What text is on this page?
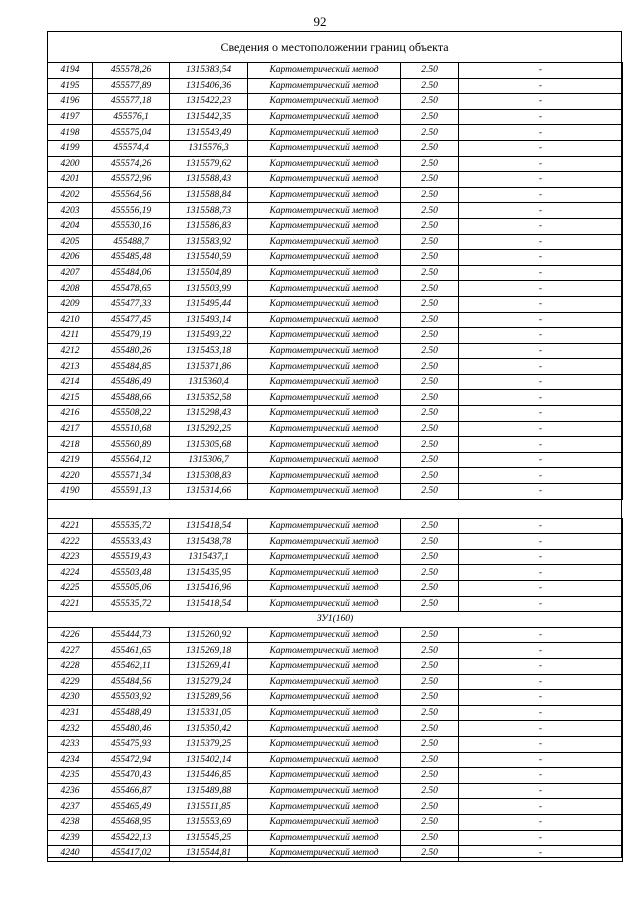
92
Сведения о местоположении границ объекта
4194	455578,26	1315383,54	Картометрический метод	2.50	-
4195	455577,89	1315406,36	Картометрический метод	2.50	-
4196	455577,18	1315422,23	Картометрический метод	2.50	-
4197	455576,1	1315442,35	Картометрический метод	2.50	-
4198	455575,04	1315543,49	Картометрический метод	2.50	-
4199	455574,4	1315576,3	Картометрический метод	2.50	-
4200	455574,26	1315579,62	Картометрический метод	2.50	-
4201	455572,96	1315588,43	Картометрический метод	2.50	-
4202	455564,56	1315588,84	Картометрический метод	2.50	-
4203	455556,19	1315588,73	Картометрический метод	2.50	-
4204	455530,16	1315586,83	Картометрический метод	2.50	-
4205	455488,7	1315583,92	Картометрический метод	2.50	-
4206	455485,48	1315540,59	Картометрический метод	2.50	-
4207	455484,06	1315504,89	Картометрический метод	2.50	-
4208	455478,65	1315503,99	Картометрический метод	2.50	-
4209	455477,33	1315495,44	Картометрический метод	2.50	-
4210	455477,45	1315493,14	Картометрический метод	2.50	-
4211	455479,19	1315493,22	Картометрический метод	2.50	-
4212	455480,26	1315453,18	Картометрический метод	2.50	-
4213	455484,85	1315371,86	Картометрический метод	2.50	-
4214	455486,49	1315360,4	Картометрический метод	2.50	-
4215	455488,66	1315352,58	Картометрический метод	2.50	-
4216	455508,22	1315298,43	Картометрический метод	2.50	-
4217	455510,68	1315292,25	Картометрический метод	2.50	-
4218	455560,89	1315305,68	Картометрический метод	2.50	-
4219	455564,12	1315306,7	Картометрический метод	2.50	-
4220	455571,34	1315308,83	Картометрический метод	2.50	-
4190	455591,13	1315314,66	Картометрический метод	2.50	-

4221	455535,72	1315418,54	Картометрический метод	2.50	-
4222	455533,43	1315438,78	Картометрический метод	2.50	-
4223	455519,43	1315437,1	Картометрический метод	2.50	-
4224	455503,48	1315435,95	Картометрический метод	2.50	-
4225	455505,06	1315416,96	Картометрический метод	2.50	-
4221	455535,72	1315418,54	Картометрический метод	2.50	-
ЗУ1(160)					
4226	455444,73	1315260,92	Картометрический метод	2.50	-
4227	455461,65	1315269,18	Картометрический метод	2.50	-
4228	455462,11	1315269,41	Картометрический метод	2.50	-
4229	455484,56	1315279,24	Картометрический метод	2.50	-
4230	455503,92	1315289,56	Картометрический метод	2.50	-
4231	455488,49	1315331,05	Картометрический метод	2.50	-
4232	455480,46	1315350,42	Картометрический метод	2.50	-
4233	455475,93	1315379,25	Картометрический метод	2.50	-
4234	455472,94	1315402,14	Картометрический метод	2.50	-
4235	455470,43	1315446,85	Картометрический метод	2.50	-
4236	455466,87	1315489,88	Картометрический метод	2.50	-
4237	455465,49	1315511,85	Картометрический метод	2.50	-
4238	455468,95	1315553,69	Картометрический метод	2.50	-
4239	455422,13	1315545,25	Картометрический метод	2.50	-
4240	455417,02	1315544,81	Картометрический метод	2.50	-
